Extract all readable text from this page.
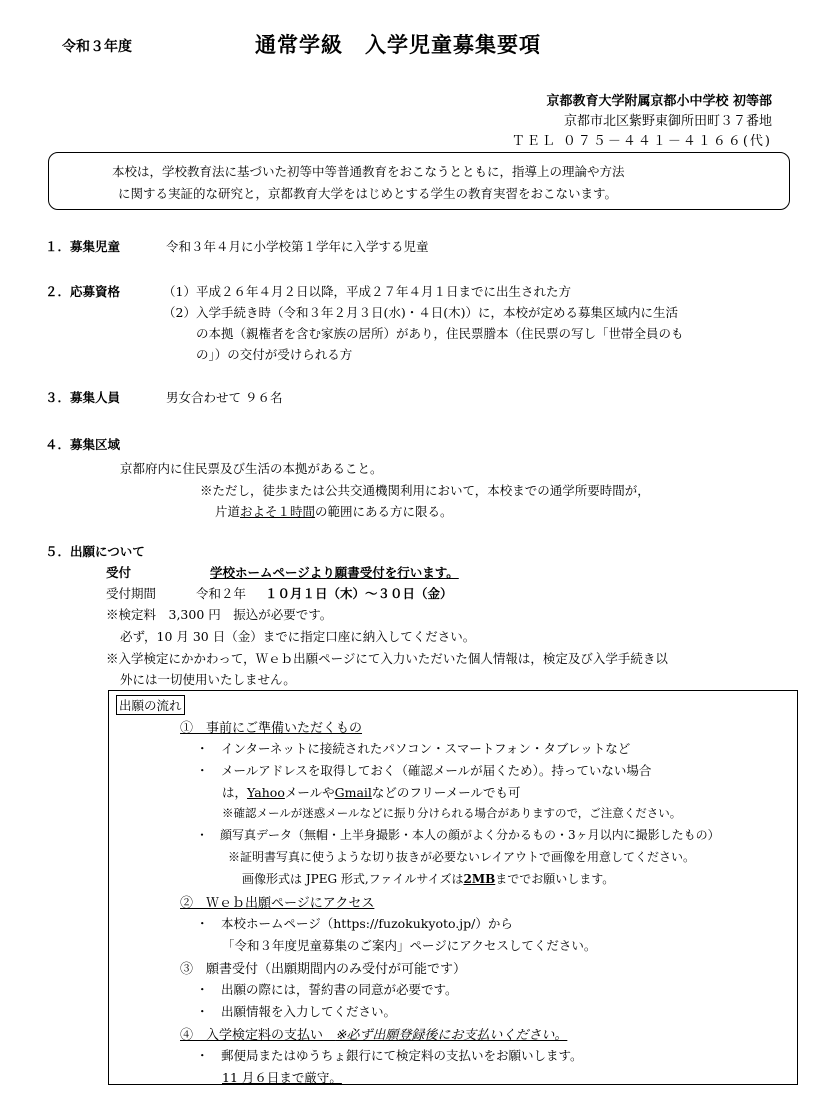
令和３年度	通常学級　入学児童募集要項
京都教育大学附属京都小中学校 初等部
京都市北区紫野東御所田町３７番地
ＴＥＬ ０７５－４４１－４１６６(代)
本校は，学校教育法に基づいた初等中等普通教育をおこなうとともに，指導上の理論や方法
に関する実証的な研究と，京都教育大学をはじめとする学生の教育実習をおこないます。
１．募集児童	令和３年４月に小学校第１学年に入学する児童
２．応募資格	（1）平成２６年４月２日以降，平成２７年４月１日までに出生された方
（2）入学手続き時（令和３年２月３日(水)・４日(木)）に，本校が定める募集区域内に生活
の本拠（親権者を含む家族の居所）があり，住民票謄本（住民票の写し「世帯全員のも
の」）の交付が受けられる方
３．募集人員	男女合わせて ９６名
４．募集区域
京都府内に住民票及び生活の本拠があること。
※ただし，徒歩または公共交通機関利用において，本校までの通学所要時間が，
片道およそ１時間の範囲にある方に限る。
５．出願について
受付	学校ホームページより願書受付を行います。
受付期間	令和２年 １０月１日（木）～３０日（金）
※検定料　3,300 円　振込が必要です。
必ず，10 月 30 日（金）までに指定口座に納入してください。
※入学検定にかかわって，Ｗｅｂ出願ページにて入力いただいた個人情報は，検定及び入学手続き以
外には一切使用いたしません。
出願の流れ
①　事前にご準備いただくもの
・　インターネットに接続されたパソコン・スマートフォン・タブレットなど
・　メールアドレスを取得しておく（確認メールが届くため）。持っていない場合
は，YahooメールやGmailなどのフリーメールでも可
※確認メールが迷惑メールなどに振り分けられる場合がありますので，ご注意ください。
・　顔写真データ（無帽・上半身撮影・本人の顔がよく分かるもの・3ヶ月以内に撮影したもの）
※証明書写真に使うような切り抜きが必要ないレイアウトで画像を用意してください。
画像形式は JPEG 形式,ファイルサイズは2MBまででお願いします。
②　Ｗｅｂ出願ページにアクセス
・　本校ホームページ（https://fuzokukyoto.jp/）から
「令和３年度児童募集のご案内」ページにアクセスしてください。
③　願書受付（出願期間内のみ受付が可能です）
・　出願の際には，誓約書の同意が必要です。
・　出願情報を入力してください。
④　入学検定料の支払い ※必ず出願登録後にお支払いください。
・　郵便局またはゆうちょ銀行にて検定料の支払いをお願いします。
11 月６日まで厳守。
